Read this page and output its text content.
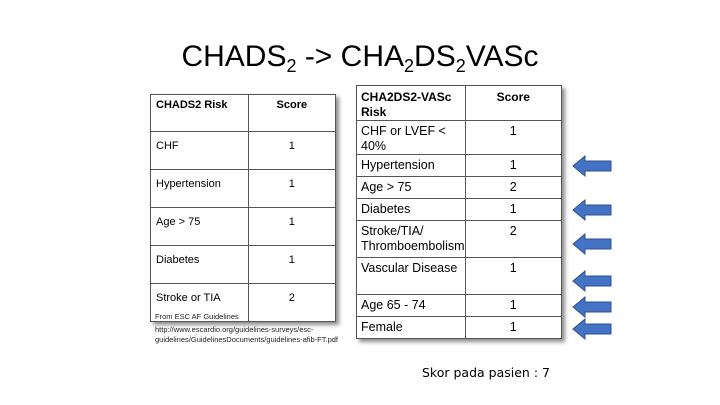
$CHADS_2$ -> $CHA_2DS_2VASc$
CHADS2 Risk	Score
CHF	1
Hypertension	1
Age > 75	1
Diabetes	1
Stroke or TIA	2
From ESC AF Guidelines
http://www.escardio.org/guidelines-surveys/esc-
guidelines/GuidelinesDocuments/guidelines-afib-FT.pdf
CHA2DS2-VASc Risk	Score
CHF or LVEF < 40%	1
Hypertension	1
Age > 75	2
Diabetes	1
Stroke/TIA/ Thromboembolism	2
Vascular Disease	1
Age 65 - 74	1
Female	1
Skor pada pasien : 7
